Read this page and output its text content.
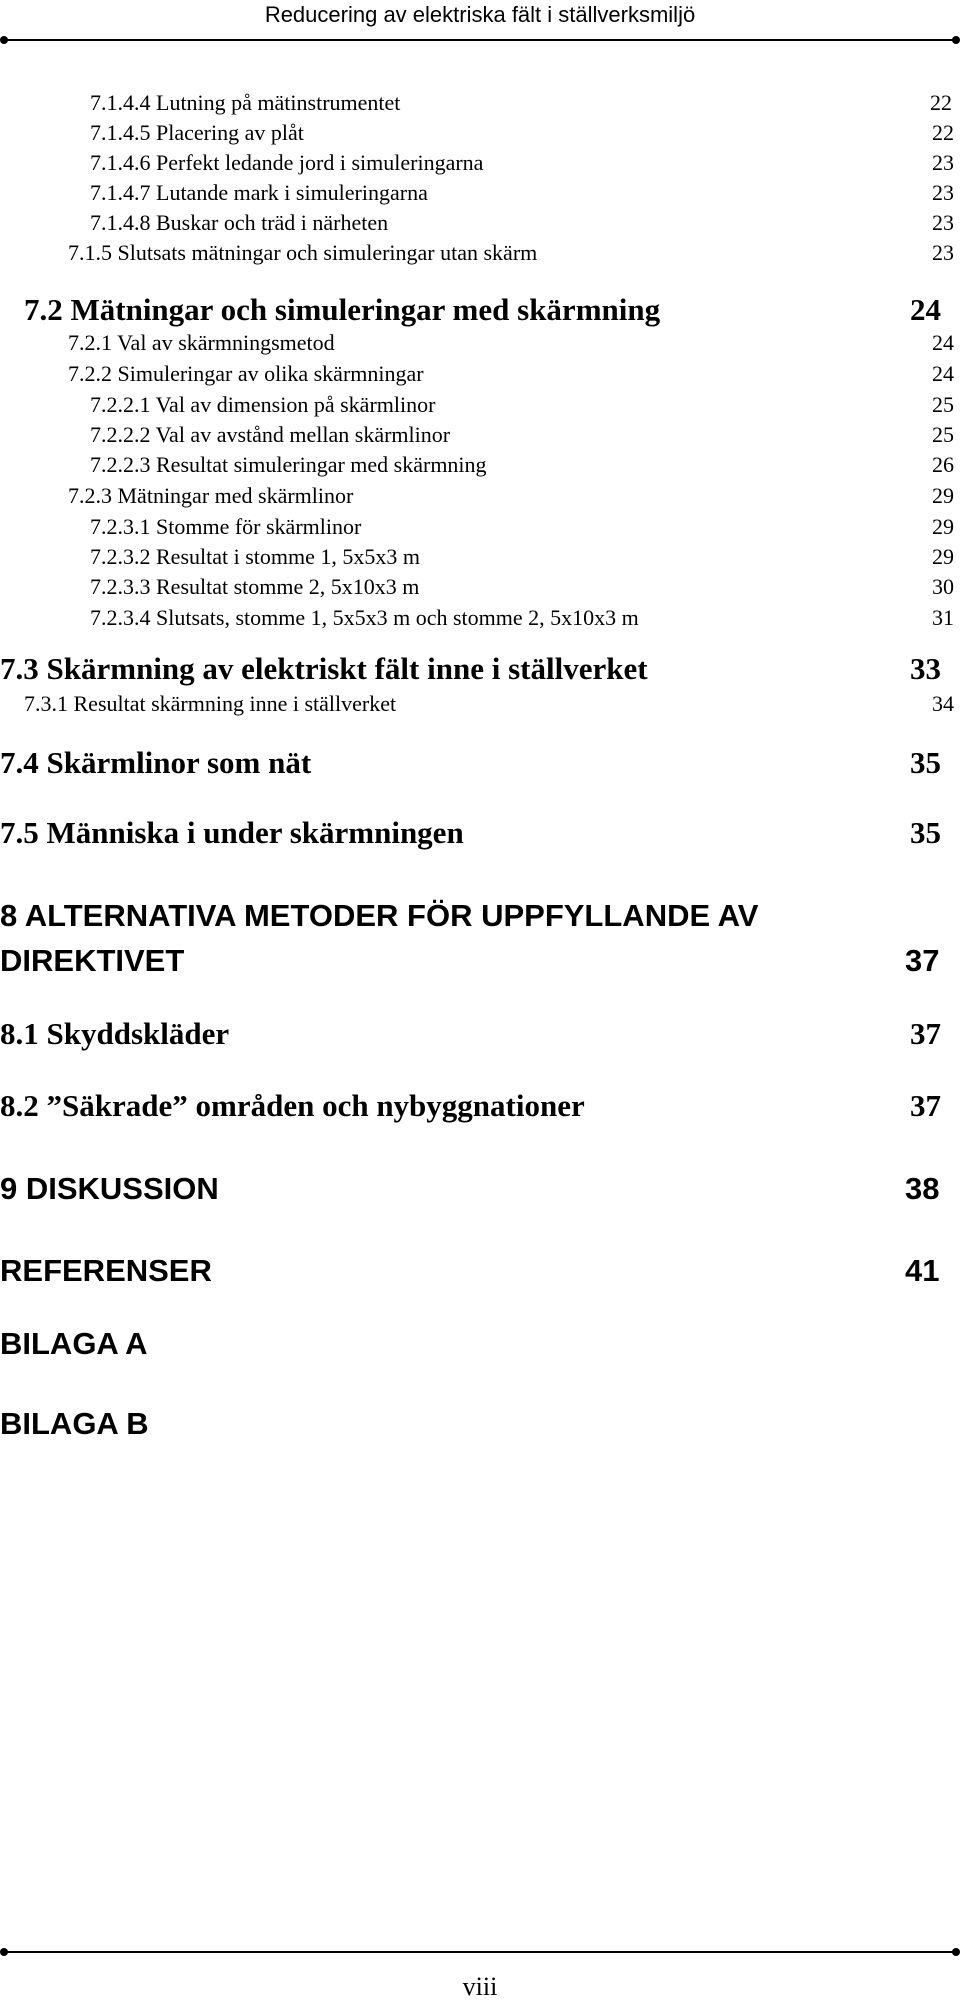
Reducering av elektriska fält i ställverksmiljö
7.1.4.4 Lutning på mätinstrumentet	22
7.1.4.5 Placering av plåt	22
7.1.4.6 Perfekt ledande jord i simuleringarna	23
7.1.4.7 Lutande mark i simuleringarna	23
7.1.4.8 Buskar och träd i närheten	23
7.1.5 Slutsats mätningar och simuleringar utan skärm	23
7.2 Mätningar och simuleringar med skärmning	24
7.2.1 Val av skärmningsmetod	24
7.2.2 Simuleringar av olika skärmningar	24
7.2.2.1 Val av dimension på skärmlinor	25
7.2.2.2 Val av avstånd mellan skärmlinor	25
7.2.2.3 Resultat simuleringar med skärmning	26
7.2.3 Mätningar med skärmlinor	29
7.2.3.1 Stomme för skärmlinor	29
7.2.3.2 Resultat i stomme 1, 5x5x3 m	29
7.2.3.3 Resultat stomme 2, 5x10x3 m	30
7.2.3.4 Slutsats, stomme 1, 5x5x3 m och stomme 2, 5x10x3 m	31
7.3 Skärmning av elektriskt fält inne i ställverket	33
7.3.1 Resultat skärmning inne i ställverket	34
7.4 Skärmlinor som nät	35
7.5 Människa i under skärmningen	35
8 ALTERNATIVA METODER FÖR UPPFYLLANDE AV
DIREKTIVET	37
8.1 Skyddskläder	37
8.2 ”Säkrade” områden och nybyggnationer	37
9 DISKUSSION	38
REFERENSER	41
BILAGA A
BILAGA B
viii
